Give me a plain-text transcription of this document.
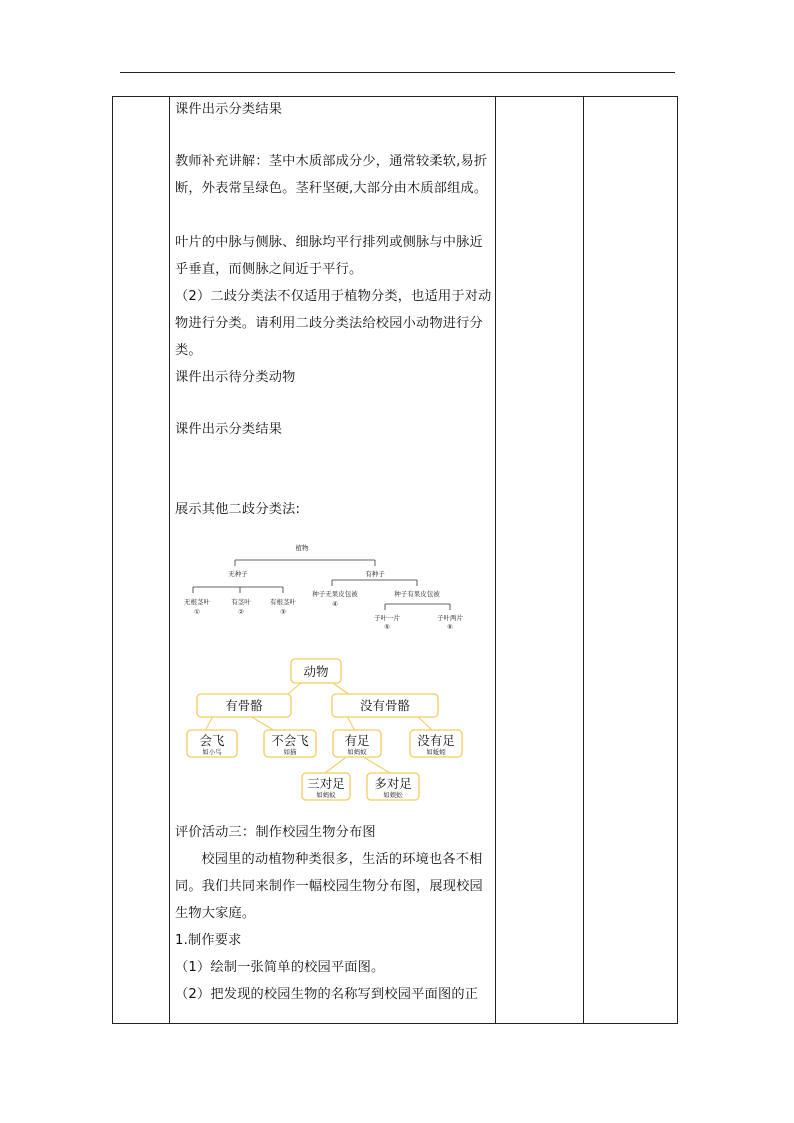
课件出示分类结果
教师补充讲解：茎中木质部成分少，通常较柔软,易折断，外表常呈绿色。茎秆坚硬,大部分由木质部组成。
叶片的中脉与侧脉、细脉均平行排列或侧脉与中脉近乎垂直，而侧脉之间近于平行。
（2）二歧分类法不仅适用于植物分类，也适用于对动物进行分类。请利用二歧分类法给校园小动物进行分类。
课件出示待分类动物
课件出示分类结果
展示其他二歧分类法:
评价活动三：制作校园生物分布图
校园里的动植物种类很多，生活的环境也各不相同。我们共同来制作一幅校园生物分布图，展现校园生物大家庭。
1.制作要求
（1）绘制一张简单的校园平面图。
（2）把发现的校园生物的名称写到校园平面图的正
植物
无种子	有种子
无根茎叶
①
有茎叶
②
有根茎叶
③
种子无果皮包被
④
种子有果皮包被
子叶一片
⑤
子叶两片
⑥
动物
有骨骼	没有骨骼
会飞
如小鸟
不会飞
如猫
有足
如蚂蚁
没有足
如蚯蚓
三对足
如蚂蚁
多对足
如蜈蚣
